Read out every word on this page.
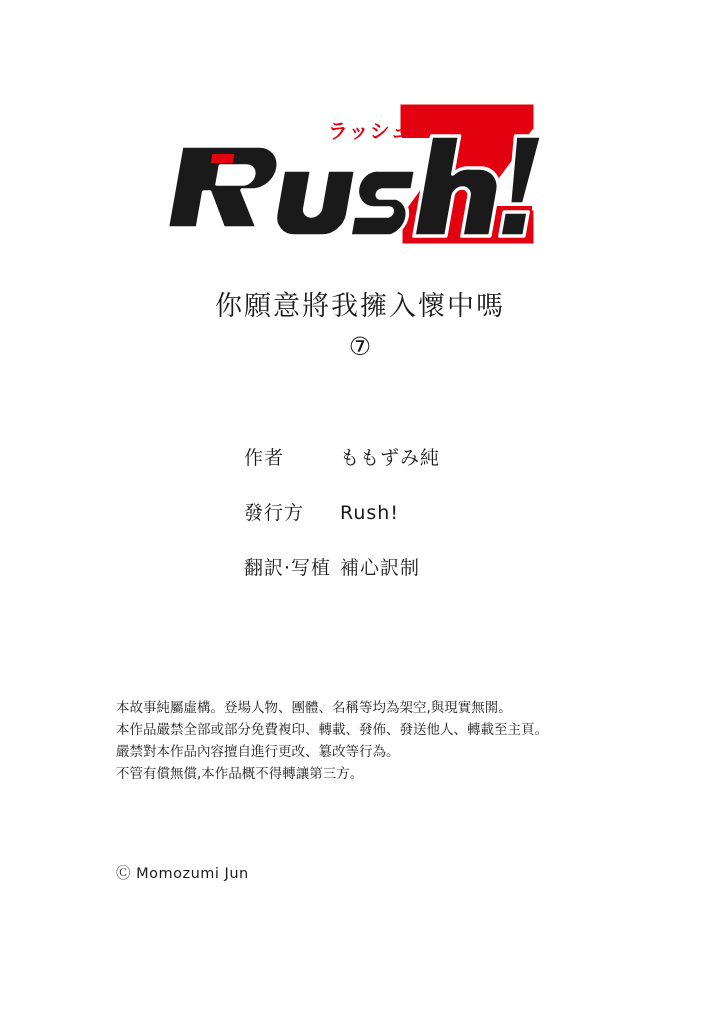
ラッシュ
你願意將我擁入懷中嗎
⑦
作者	ももずみ純
發行方	Rush!
翻訳·写植 補心訳制
本故事純屬虛構。登場人物、團體、名稱等均為架空,與現實無閞。
本作品嚴禁全部或部分免費複印、轉載、發佈、發送他人、轉載至主頁。
嚴禁對本作品內容擅自進行更改、簒改等行為。
不管有償無償,本作品概不得轉讓第三方。
Ⓒ Momozumi Jun
